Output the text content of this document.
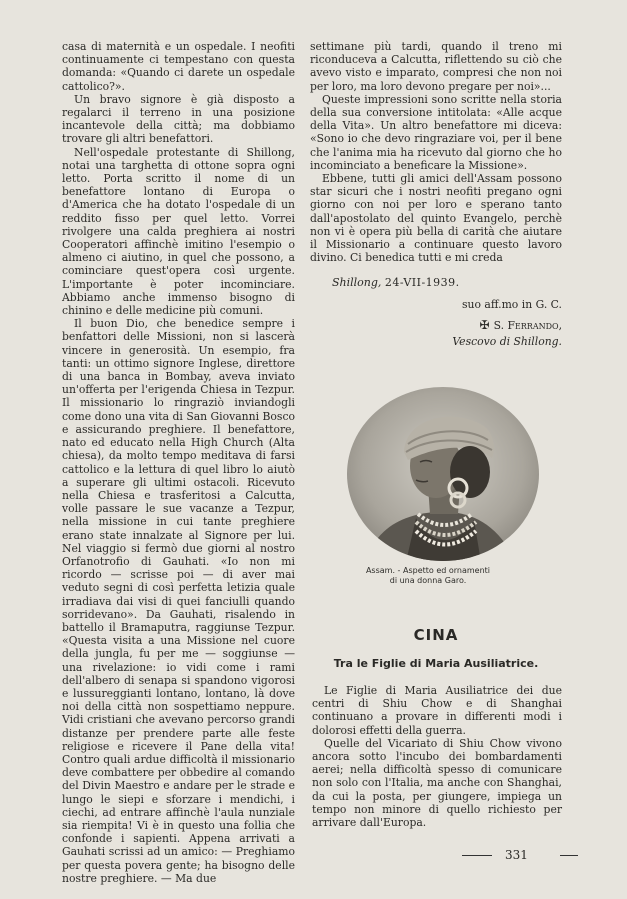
casa di maternità e un ospedale. I neofiti continuamente ci tempestano con questa domanda: «Quando ci darete un ospedale cattolico?».

Un bravo signore è già disposto a regalarci il terreno in una posizione incantevole della città; ma dobbiamo trovare gli altri benefattori.

Nell'ospedale protestante di Shillong, notai una targhetta di ottone sopra ogni letto. Porta scritto il nome di un benefattore lontano di Europa o d'America che ha dotato l'ospedale di un reddito fisso per quel letto. Vorrei rivolgere una calda preghiera ai nostri Cooperatori affinchè imitino l'esempio o almeno ci aiutino, in quel che possono, a cominciare quest'opera così urgente. L'importante è poter incominciare. Abbiamo anche immenso bisogno di chinino e delle medicine più comuni.

Il buon Dio, che benedice sempre i benfattori delle Missioni, non si lascerà vincere in generosità. Un esempio, fra tanti: un ottimo signore Inglese, direttore di una banca in Bombay, aveva inviato un'offerta per l'erigenda Chiesa in Tezpur. Il missionario lo ringraziò inviandogli come dono una vita di San Giovanni Bosco e assicurando preghiere. Il benefattore, nato ed educato nella High Church (Alta chiesa), da molto tempo meditava di farsi cattolico e la lettura di quel libro lo aiutò a superare gli ultimi ostacoli. Ricevuto nella Chiesa e trasferitosi a Calcutta, volle passare le sue vacanze a Tezpur, nella missione in cui tante preghiere erano state innalzate al Signore per lui. Nel viaggio si fermò due giorni al nostro Orfanotrofio di Gauhati. «Io non mi ricordo — scrisse poi — di aver mai veduto segni di così perfetta letizia quale irradiava dai visi di quei fanciulli quando sorridevano». Da Gauhati, risalendo in battello il Bramaputra, raggiunse Tezpur. «Questa visita a una Missione nel cuore della jungla, fu per me — soggiunse — una rivelazione: io vidi come i rami dell'albero di senapa si spandono vigorosi e lussureggianti lontano, lontano, là dove noi della città non sospettiamo neppure. Vidi cristiani che avevano percorso grandi distanze per prendere parte alle feste religiose e ricevere il Pane della vita! Contro quali ardue difficoltà il missionario deve combattere per obbedire al comando del Divin Maestro e andare per le strade e lungo le siepi e sforzare i mendichi, i ciechi, ad entrare affinchè l'aula nunziale sia riempita! Vi è in questo una follia che confonde i sapienti. Appena arrivati a Gauhati scrissi ad un amico: — Preghiamo per questa povera gente; ha bisogno delle nostre preghiere. — Ma due

settimane più tardi, quando il treno mi riconduceva a Calcutta, riflettendo su ciò che avevo visto e imparato, compresi che non noi per loro, ma loro devono pregare per noi»...

Queste impressioni sono scritte nella storia della sua conversione intitolata: «Alle acque della Vita». Un altro benefattore mi diceva: «Sono io che devo ringraziare voi, per il bene che l'anima mia ha ricevuto dal giorno che ho incominciato a beneficare la Missione».

Ebbene, tutti gli amici dell'Assam possono star sicuri che i nostri neofiti pregano ogni giorno con noi per loro e sperano tanto dall'apostolato del quinto Evangelo, perchè non vi è opera più bella di carità che aiutare il Missionario a continuare questo lavoro divino. Ci benedica tutti e mi creda

Shillong, 24-VII-1939.
suo aff.mo in G. C.
✠ S. Ferrando,
Vescovo di Shillong.
Assam. - Aspetto ed ornamenti
di una donna Garo.
CINA
Tra le Figlie di Maria Ausiliatrice.

Le Figlie di Maria Ausiliatrice dei due centri di Shiu Chow e di Shanghai continuano a provare in differenti modi i dolorosi effetti della guerra.

Quelle del Vicariato di Shiu Chow vivono ancora sotto l'incubo dei bombardamenti aerei; nella difficoltà spesso di comunicare non solo con l'Italia, ma anche con Shanghai, da cui la posta, per giungere, impiega un tempo non minore di quello richiesto per arrivare dall'Europa.

331
